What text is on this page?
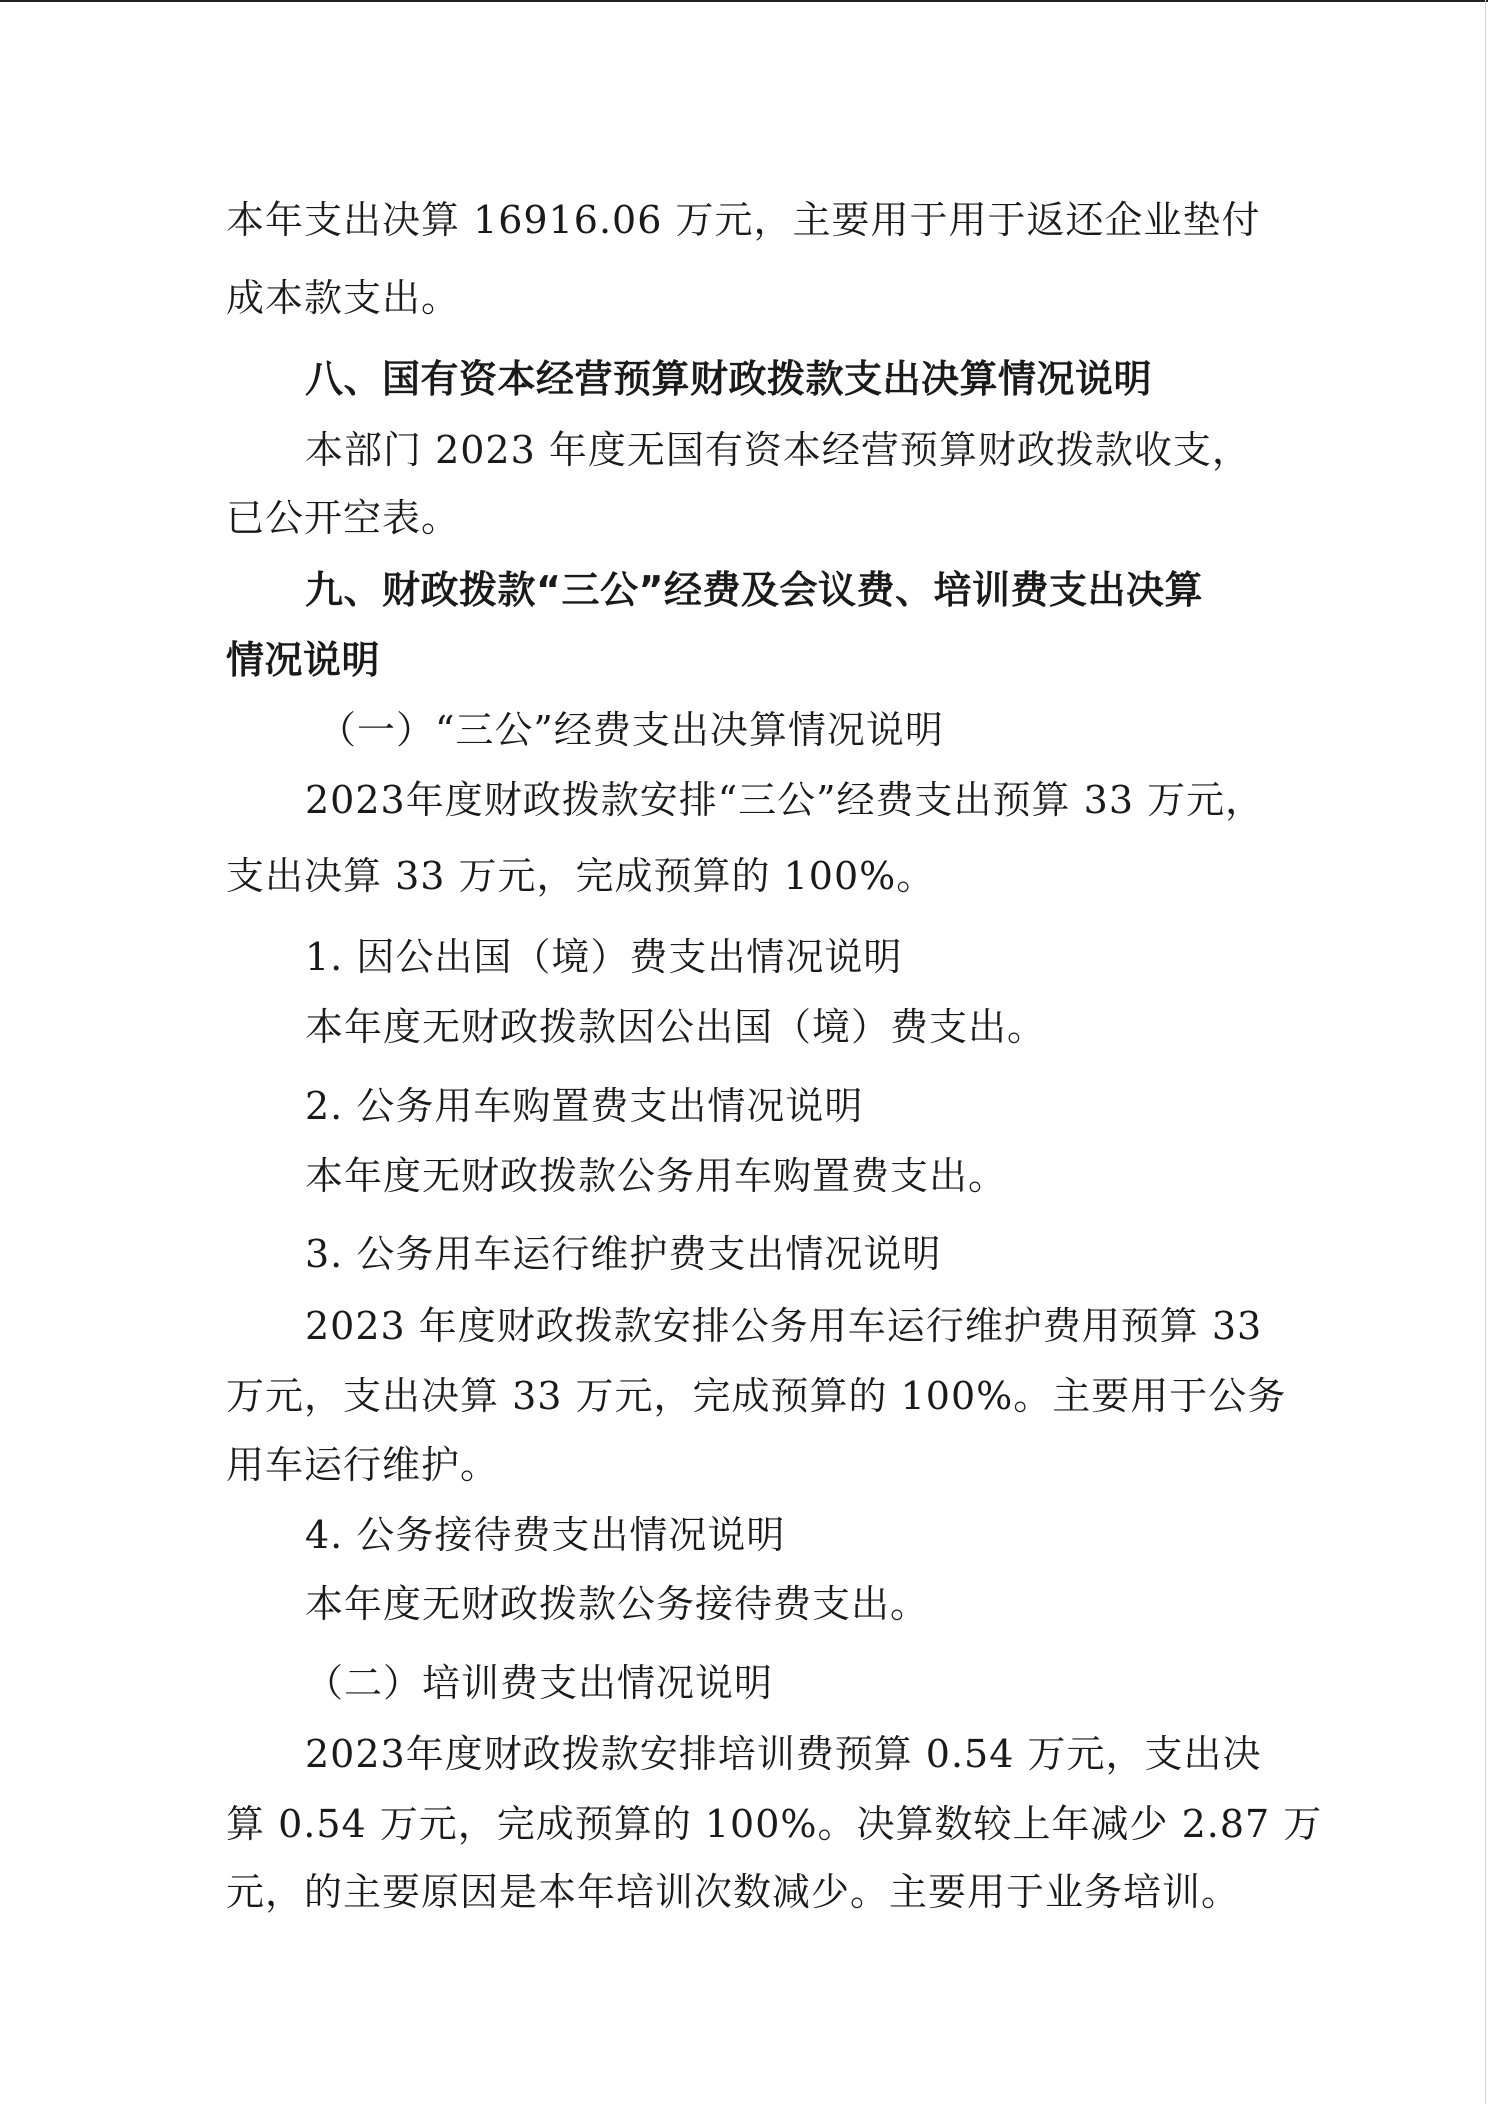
本年支出决算 16916.06 万元，主要用于用于返还企业垫付
成本款支出。
八、国有资本经营预算财政拨款支出决算情况说明
本部门 2023 年度无国有资本经营预算财政拨款收支，
已公开空表。
九、财政拨款“三公”经费及会议费、培训费支出决算
情况说明
（一）“三公”经费支出决算情况说明
2023年度财政拨款安排“三公”经费支出预算 33 万元，
支出决算 33 万元，完成预算的 100%。
1. 因公出国（境）费支出情况说明
本年度无财政拨款因公出国（境）费支出。
2. 公务用车购置费支出情况说明
本年度无财政拨款公务用车购置费支出。
3. 公务用车运行维护费支出情况说明
2023 年度财政拨款安排公务用车运行维护费用预算 33
万元，支出决算 33 万元，完成预算的 100%。主要用于公务
用车运行维护。
4. 公务接待费支出情况说明
本年度无财政拨款公务接待费支出。
（二）培训费支出情况说明
2023年度财政拨款安排培训费预算 0.54 万元，支出决
算 0.54 万元，完成预算的 100%。决算数较上年减少 2.87 万
元，的主要原因是本年培训次数减少。主要用于业务培训。
